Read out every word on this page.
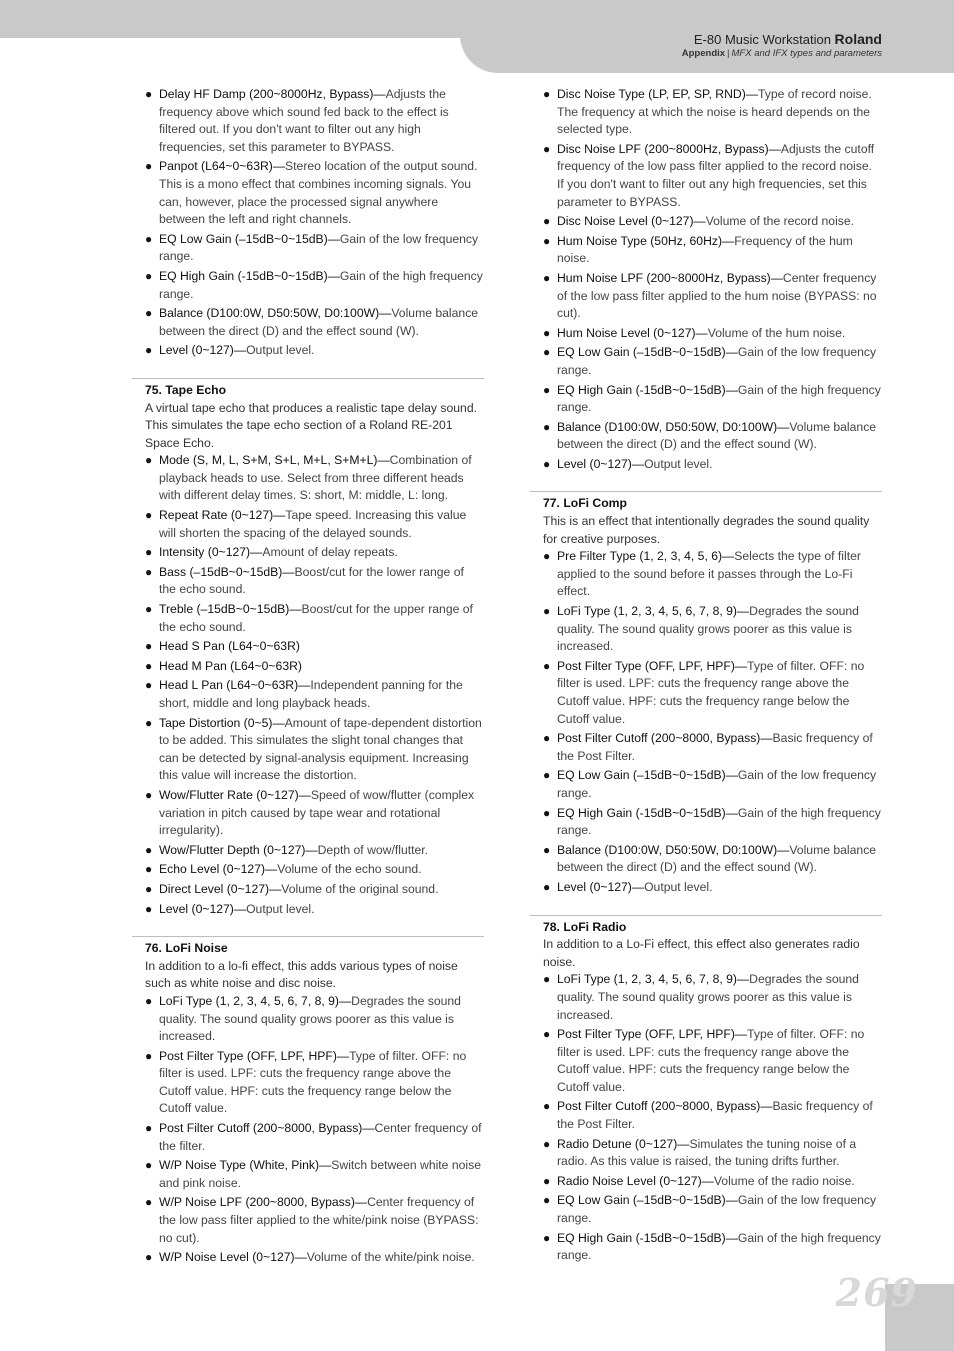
E-80 Music Workstation Roland
Appendix | MFX and IFX types and parameters
● Delay HF Damp (200~8000Hz, Bypass)—Adjusts the frequency above which sound fed back to the effect is filtered out. If you don't want to filter out any high frequencies, set this parameter to BYPASS.
● Panpot (L64~0~63R)—Stereo location of the output sound. This is a mono effect that combines incoming signals. You can, however, place the processed signal anywhere between the left and right channels.
● EQ Low Gain (–15dB~0~15dB)—Gain of the low frequency range.
● EQ High Gain (-15dB~0~15dB)—Gain of the high frequency range.
● Balance (D100:0W, D50:50W, D0:100W)—Volume balance between the direct (D) and the effect sound (W).
● Level (0~127)—Output level.
75. Tape Echo
A virtual tape echo that produces a realistic tape delay sound. This simulates the tape echo section of a Roland RE-201 Space Echo.
● Mode (S, M, L, S+M, S+L, M+L, S+M+L)—Combination of playback heads to use. Select from three different heads with different delay times. S: short, M: middle, L: long.
● Repeat Rate (0~127)—Tape speed. Increasing this value will shorten the spacing of the delayed sounds.
● Intensity (0~127)—Amount of delay repeats.
● Bass (–15dB~0~15dB)—Boost/cut for the lower range of the echo sound.
● Treble (–15dB~0~15dB)—Boost/cut for the upper range of the echo sound.
● Head S Pan (L64~0~63R)
● Head M Pan (L64~0~63R)
● Head L Pan (L64~0~63R)—Independent panning for the short, middle and long playback heads.
● Tape Distortion (0~5)—Amount of tape-dependent distortion to be added. This simulates the slight tonal changes that can be detected by signal-analysis equipment. Increasing this value will increase the distortion.
● Wow/Flutter Rate (0~127)—Speed of wow/flutter (complex variation in pitch caused by tape wear and rotational irregularity).
● Wow/Flutter Depth (0~127)—Depth of wow/flutter.
● Echo Level (0~127)—Volume of the echo sound.
● Direct Level (0~127)—Volume of the original sound.
● Level (0~127)—Output level.
76. LoFi Noise
In addition to a lo-fi effect, this adds various types of noise such as white noise and disc noise.
● LoFi Type (1, 2, 3, 4, 5, 6, 7, 8, 9)—Degrades the sound quality. The sound quality grows poorer as this value is increased.
● Post Filter Type (OFF, LPF, HPF)—Type of filter. OFF: no filter is used. LPF: cuts the frequency range above the Cutoff value. HPF: cuts the frequency range below the Cutoff value.
● Post Filter Cutoff (200~8000, Bypass)—Center frequency of the filter.
● W/P Noise Type (White, Pink)—Switch between white noise and pink noise.
● W/P Noise LPF (200~8000, Bypass)—Center frequency of the low pass filter applied to the white/pink noise (BYPASS: no cut).
● W/P Noise Level (0~127)—Volume of the white/pink noise.
● Disc Noise Type (LP, EP, SP, RND)—Type of record noise. The frequency at which the noise is heard depends on the selected type.
● Disc Noise LPF (200~8000Hz, Bypass)—Adjusts the cutoff frequency of the low pass filter applied to the record noise. If you don't want to filter out any high frequencies, set this parameter to BYPASS.
● Disc Noise Level (0~127)—Volume of the record noise.
● Hum Noise Type (50Hz, 60Hz)—Frequency of the hum noise.
● Hum Noise LPF (200~8000Hz, Bypass)—Center frequency of the low pass filter applied to the hum noise (BYPASS: no cut).
● Hum Noise Level (0~127)—Volume of the hum noise.
● EQ Low Gain (–15dB~0~15dB)—Gain of the low frequency range.
● EQ High Gain (-15dB~0~15dB)—Gain of the high frequency range.
● Balance (D100:0W, D50:50W, D0:100W)—Volume balance between the direct (D) and the effect sound (W).
● Level (0~127)—Output level.
77. LoFi Comp
This is an effect that intentionally degrades the sound quality for creative purposes.
● Pre Filter Type (1, 2, 3, 4, 5, 6)—Selects the type of filter applied to the sound before it passes through the Lo-Fi effect.
● LoFi Type (1, 2, 3, 4, 5, 6, 7, 8, 9)—Degrades the sound quality. The sound quality grows poorer as this value is increased.
● Post Filter Type (OFF, LPF, HPF)—Type of filter. OFF: no filter is used. LPF: cuts the frequency range above the Cutoff value. HPF: cuts the frequency range below the Cutoff value.
● Post Filter Cutoff (200~8000, Bypass)—Basic frequency of the Post Filter.
● EQ Low Gain (–15dB~0~15dB)—Gain of the low frequency range.
● EQ High Gain (-15dB~0~15dB)—Gain of the high frequency range.
● Balance (D100:0W, D50:50W, D0:100W)—Volume balance between the direct (D) and the effect sound (W).
● Level (0~127)—Output level.
78. LoFi Radio
In addition to a Lo-Fi effect, this effect also generates radio noise.
● LoFi Type (1, 2, 3, 4, 5, 6, 7, 8, 9)—Degrades the sound quality. The sound quality grows poorer as this value is increased.
● Post Filter Type (OFF, LPF, HPF)—Type of filter. OFF: no filter is used. LPF: cuts the frequency range above the Cutoff value. HPF: cuts the frequency range below the Cutoff value.
● Post Filter Cutoff (200~8000, Bypass)—Basic frequency of the Post Filter.
● Radio Detune (0~127)—Simulates the tuning noise of a radio. As this value is raised, the tuning drifts further.
● Radio Noise Level (0~127)—Volume of the radio noise.
● EQ Low Gain (–15dB~0~15dB)—Gain of the low frequency range.
● EQ High Gain (-15dB~0~15dB)—Gain of the high frequency range.
269
